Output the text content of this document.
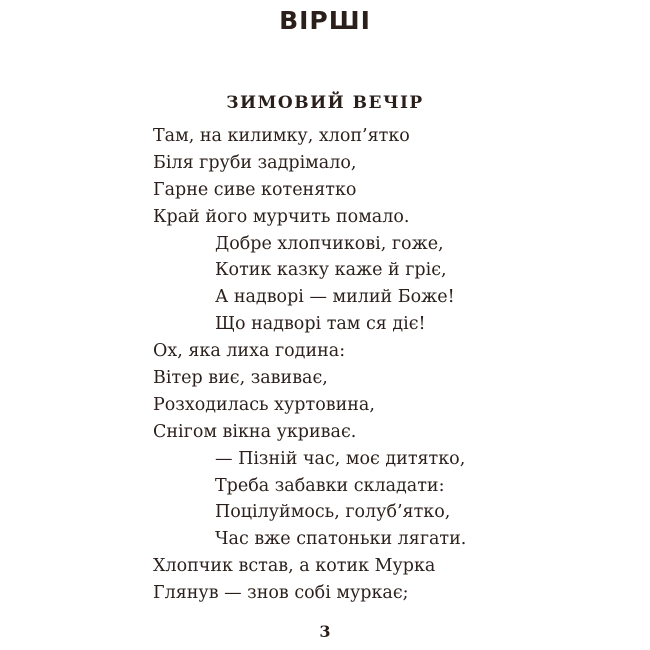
ВІРШІ
ЗИМОВИЙ ВЕЧІР
Там, на килимку, хлоп’ятко
Біля груби задрімало,
Гарне сиве котенятко
Край його мурчить помало.
Добре хлопчикові, гоже,
Котик казку каже й гріє,
А надворі — милий Боже!
Що надворі там ся діє!
Ох, яка лиха година:
Вітер виє, завиває,
Розходилась хуртовина,
Снігом вікна укриває.
— Пізній час, моє дитятко,
Треба забавки складати:
Поцілуймось, голуб’ятко,
Час вже спатоньки лягати.
Хлопчик встав, а котик Мурка
Глянув — знов собі муркає;
3
